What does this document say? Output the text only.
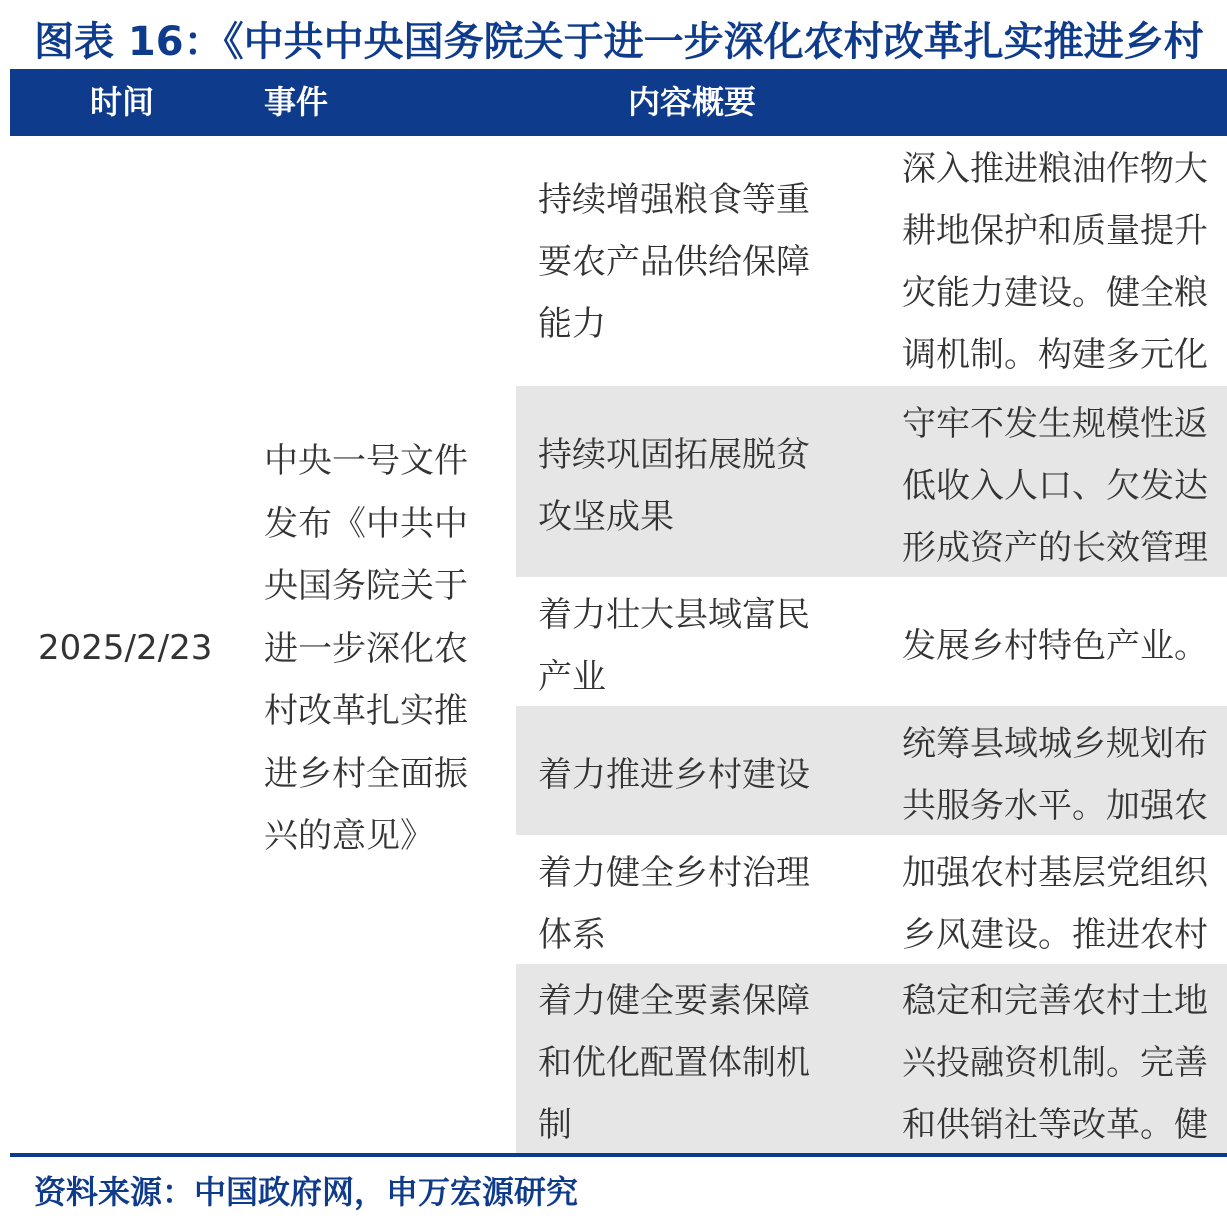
图表 16：《中共中央国务院关于进一步深化农村改革扎实推进乡村
时间	事件	内容概要
2025/2/23
中央一号文件
发布《中共中
央国务院关于
进一步深化农
村改革扎实推
进乡村全面振
兴的意见》
持续增强粮食等重
要农产品供给保障
能力
深入推进粮油作物大
耕地保护和质量提升
灾能力建设。健全粮
调机制。构建多元化
持续巩固拓展脱贫
攻坚成果
守牢不发生规模性返
低收入人口、欠发达
形成资产的长效管理
着力壮大县域富民
产业
发展乡村特色产业。
着力推进乡村建设
统筹县域城乡规划布
共服务水平。加强农
着力健全乡村治理
体系
加强农村基层党组织
乡风建设。推进农村
着力健全要素保障
和优化配置体制机
制
稳定和完善农村土地
兴投融资机制。完善
和供销社等改革。健
资料来源：中国政府网，申万宏源研究
